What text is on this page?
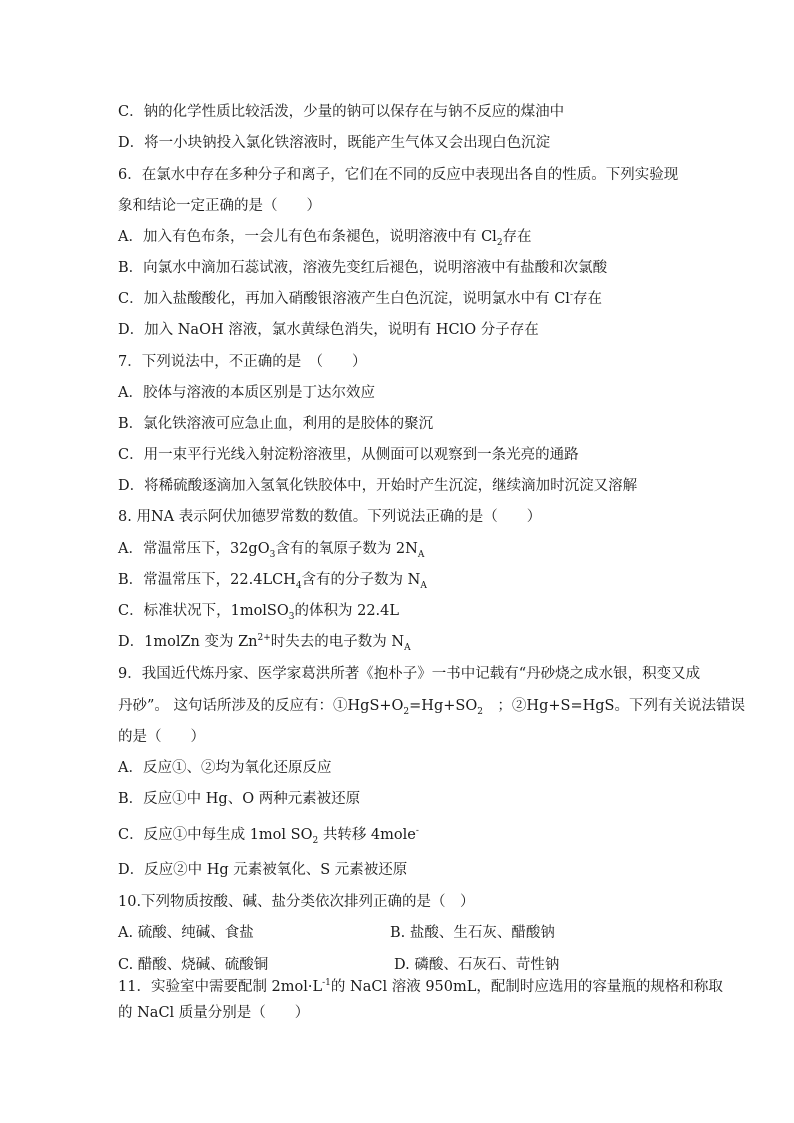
C．钠的化学性质比较活泼，少量的钠可以保存在与钠不反应的煤油中
D．将一小块钠投入氯化铁溶液时，既能产生气体又会出现白色沉淀
6．在氯水中存在多种分子和离子，它们在不同的反应中表现出各自的性质。下列实验现
象和结论一定正确的是（　　）
A．加入有色布条，一会儿有色布条褪色，说明溶液中有 $Cl_2$存在
B．向氯水中滴加石蕊试液，溶液先变红后褪色，说明溶液中有盐酸和次氯酸
C．加入盐酸酸化，再加入硝酸银溶液产生白色沉淀，说明氯水中有 Cl-存在
D．加入 NaOH 溶液，氯水黄绿色消失，说明有 HClO 分子存在
7．下列说法中，不正确的是　（　　）
A．胶体与溶液的本质区别是丁达尔效应
B．氯化铁溶液可应急止血，利用的是胶体的聚沉
C．用一束平行光线入射淀粉溶液里，从侧面可以观察到一条光亮的通路
D．将稀硫酸逐滴加入氢氧化铁胶体中，开始时产生沉淀，继续滴加时沉淀又溶解
8. 用NA 表示阿伏加德罗常数的数值。下列说法正确的是（　　）
A．常温常压下，$32gO_3$含有的氧原子数为 $2N_A$
B．常温常压下，$22.4LCH_4$含有的分子数为 $N_A$
C．标准状况下，1molSO$_3$的体积为 22.4L
D．1molZn 变为 $Zn^{2+}$时失去的电子数为 $N_A$
9．我国近代炼丹家、医学家葛洪所著《抱朴子》一书中记载有“丹砂烧之成水银，积变又成
丹砂”。 这句话所涉及的反应有：$①HgS+O_2=Hg+SO_2$　；②Hg+S=HgS。下列有关说法错误
的是（　　）
A．反应①、②均为氧化还原反应
B．反应①中 Hg、O 两种元素被还原
C．反应①中每生成 1mol $SO_2$ 共转移 4mole-
D．反应②中 Hg 元素被氧化、S 元素被还原
10.下列物质按酸、碱、盐分类依次排列正确的是（　）
A. 硫酸、纯碱、食盐	B. 盐酸、生石灰、醋酸钠
C. 醋酸、烧碱、硫酸铜	D. 磷酸、石灰石、苛性钠
11．实验室中需要配制 $2mol\cdot L^{-1}$的 NaCl 溶液 950mL，配制时应选用的容量瓶的规格和称取
的 NaCl 质量分别是（　　）
